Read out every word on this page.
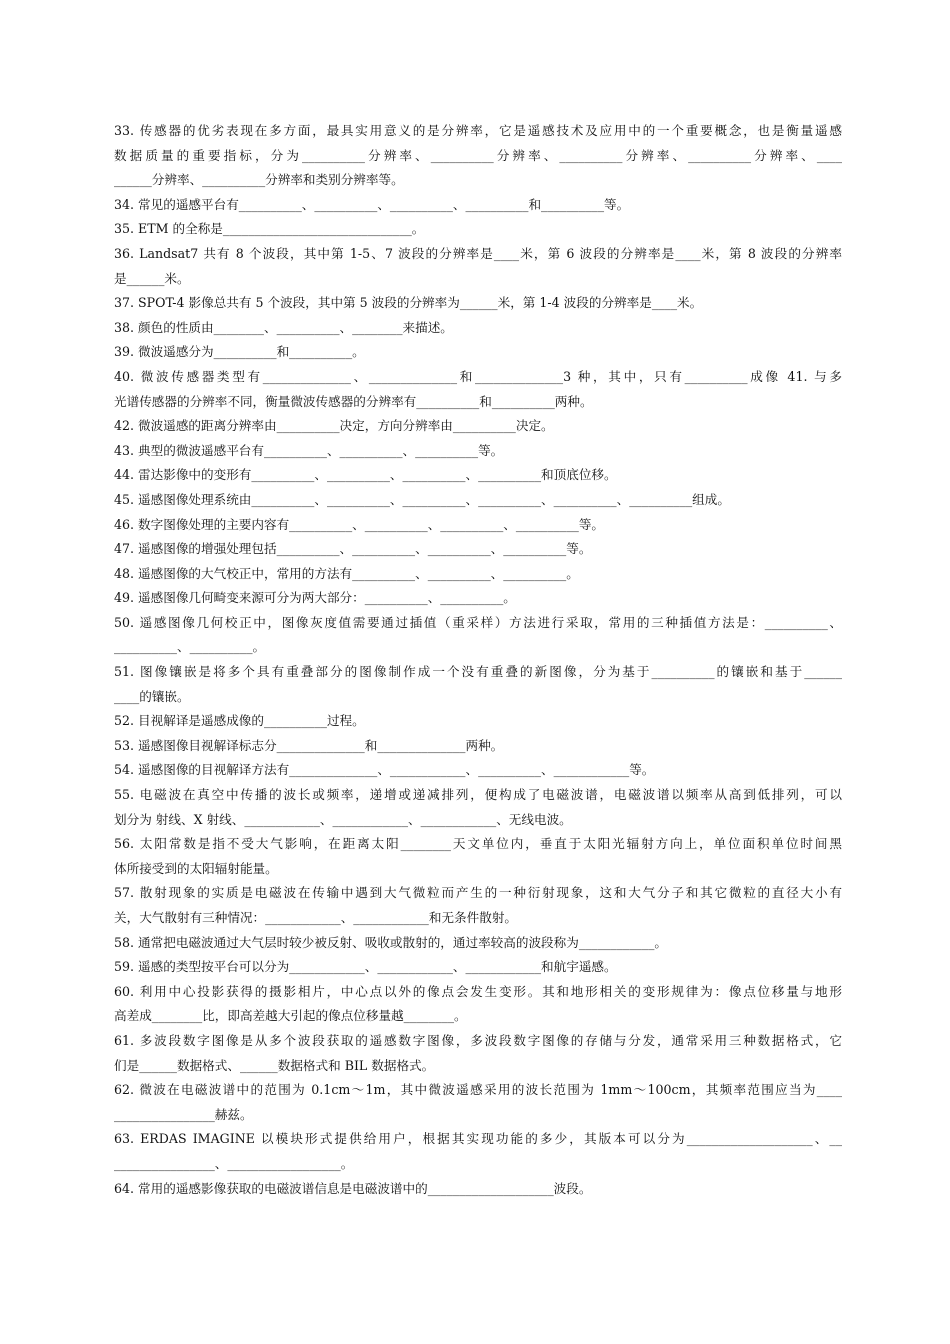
33. 传感器的优劣表现在多方面，最具实用意义的是分辨率，它是遥感技术及应用中的一个重要概念，也是衡量遥感
数据质量的重要指标，分为__________分辨率、__________分辨率、__________分辨率、__________分辨率、____
______分辨率、__________分辨率和类别分辨率等。
34. 常见的遥感平台有__________、__________、__________、__________和__________等。
35. ETM 的全称是______________________________。
36. Landsat7 共有 8 个波段，其中第 1-5、7 波段的分辨率是____米，第 6 波段的分辨率是____米，第 8 波段的分辨率
是______米。
37. SPOT-4 影像总共有 5 个波段，其中第 5 波段的分辨率为______米，第 1-4 波段的分辨率是____米。
38. 颜色的性质由________、__________、________来描述。
39. 微波遥感分为__________和__________。
40. 微波传感器类型有______________、______________和______________3 种，其中，只有__________成像 41. 与多
光谱传感器的分辨率不同，衡量微波传感器的分辨率有__________和__________两种。
42. 微波遥感的距离分辨率由__________决定，方向分辨率由__________决定。
43. 典型的微波遥感平台有__________、__________、__________等。
44. 雷达影像中的变形有__________、__________、__________、__________和顶底位移。
45. 遥感图像处理系统由__________、__________、__________、__________、__________、__________组成。
46. 数字图像处理的主要内容有__________、__________、__________、__________等。
47. 遥感图像的增强处理包括__________、__________、__________、__________等。
48. 遥感图像的大气校正中，常用的方法有__________、__________、__________。
49. 遥感图像几何畸变来源可分为两大部分：__________、__________。
50. 遥感图像几何校正中，图像灰度值需要通过插值（重采样）方法进行采取，常用的三种插值方法是：__________、
__________、__________。
51. 图像镶嵌是将多个具有重叠部分的图像制作成一个没有重叠的新图像，分为基于__________的镶嵌和基于______
____的镶嵌。
52. 目视解译是遥感成像的__________过程。
53. 遥感图像目视解译标志分______________和______________两种。
54. 遥感图像的目视解译方法有______________、____________、__________、____________等。
55. 电磁波在真空中传播的波长或频率，递增或递减排列，便构成了电磁波谱，电磁波谱以频率从高到低排列，可以
划分为 射线、X 射线、____________、____________、____________、无线电波。
56. 太阳常数是指不受大气影响，在距离太阳________天文单位内，垂直于太阳光辐射方向上，单位面积单位时间黑
体所接受到的太阳辐射能量。
57. 散射现象的实质是电磁波在传输中遇到大气微粒而产生的一种衍射现象，这和大气分子和其它微粒的直径大小有
关，大气散射有三种情况：____________、____________和无条件散射。
58. 通常把电磁波通过大气层时较少被反射、吸收或散射的，通过率较高的波段称为____________。
59. 遥感的类型按平台可以分为____________、____________、____________和航宇遥感。
60. 利用中心投影获得的摄影相片，中心点以外的像点会发生变形。其和地形相关的变形规律为：像点位移量与地形
高差成________比，即高差越大引起的像点位移量越________。
61. 多波段数字图像是从多个波段获取的遥感数字图像，多波段数字图像的存储与分发，通常采用三种数据格式，它
们是______数据格式、______数据格式和 BIL 数据格式。
62. 微波在电磁波谱中的范围为 0.1cm～1m，其中微波遥感采用的波长范围为 1mm～100cm，其频率范围应当为____
________________赫兹。
63. ERDAS IMAGINE 以模块形式提供给用户，根据其实现功能的多少，其版本可以分为____________________、__
________________、__________________。
64. 常用的遥感影像获取的电磁波谱信息是电磁波谱中的____________________波段。
